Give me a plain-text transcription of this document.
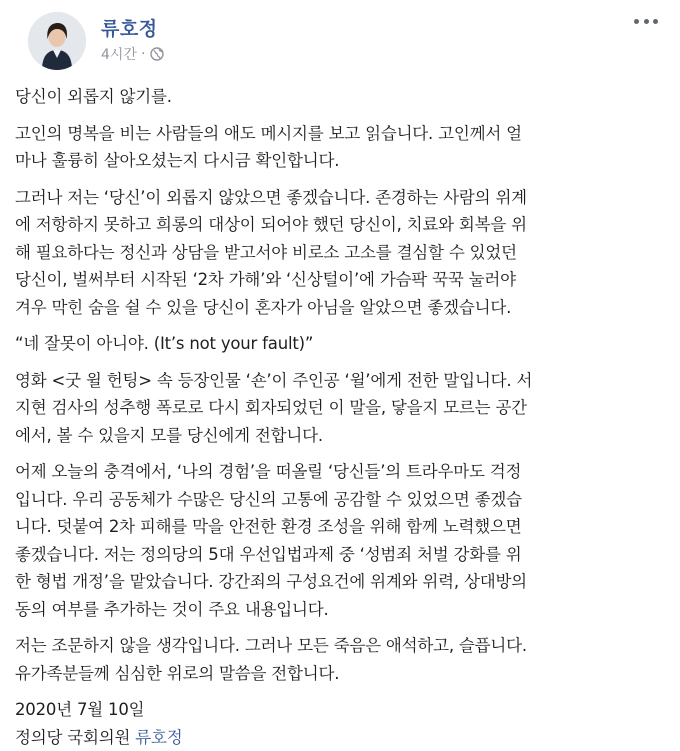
류호정
4시간 ·

당신이 외롭지 않기를.

고인의 명복을 비는 사람들의 애도 메시지를 보고 읽습니다. 고인께서 얼
마나 훌륭히 살아오셨는지 다시금 확인합니다.

그러나 저는 ‘당신’이 외롭지 않았으면 좋겠습니다. 존경하는 사람의 위계
에 저항하지 못하고 희롱의 대상이 되어야 했던 당신이, 치료와 회복을 위
해 필요하다는 정신과 상담을 받고서야 비로소 고소를 결심할 수 있었던
당신이, 벌써부터 시작된 ‘2차 가해’와 ‘신상털이’에 가슴팍 꾹꾹 눌러야
겨우 막힌 숨을 쉴 수 있을 당신이 혼자가 아님을 알았으면 좋겠습니다.

“네 잘못이 아니야. (It’s not your fault)”

영화 <굿 윌 헌팅> 속 등장인물 ‘숀’이 주인공 ‘윌’에게 전한 말입니다. 서
지현 검사의 성추행 폭로로 다시 회자되었던 이 말을, 닿을지 모르는 공간
에서, 볼 수 있을지 모를 당신에게 전합니다.

어제 오늘의 충격에서, ‘나의 경험’을 떠올릴 ‘당신들’의 트라우마도 걱정
입니다. 우리 공동체가 수많은 당신의 고통에 공감할 수 있었으면 좋겠습
니다. 덧붙여 2차 피해를 막을 안전한 환경 조성을 위해 함께 노력했으면
좋겠습니다. 저는 정의당의 5대 우선입법과제 중 ‘성범죄 처벌 강화를 위
한 형법 개정’을 맡았습니다. 강간죄의 구성요건에 위계와 위력, 상대방의
동의 여부를 추가하는 것이 주요 내용입니다.

저는 조문하지 않을 생각입니다. 그러나 모든 죽음은 애석하고, 슬픕니다.
유가족분들께 심심한 위로의 말씀을 전합니다.

2020년 7월 10일
정의당 국회의원 류호정
